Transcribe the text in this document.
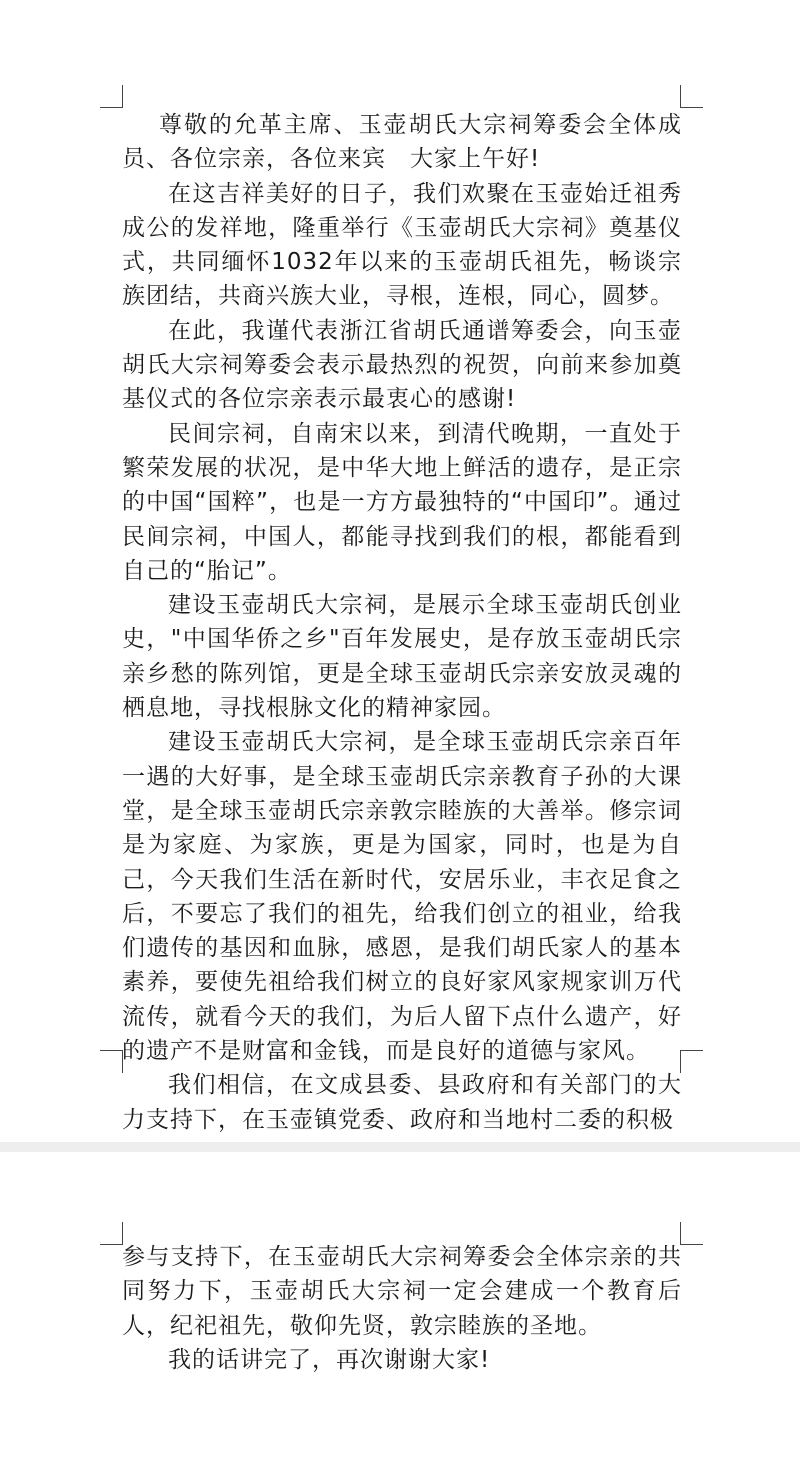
尊敬的允革主席、玉壶胡氏大宗祠筹委会全体成员、各位宗亲，各位来宾　大家上午好!

在这吉祥美好的日子，我们欢聚在玉壶始迁祖秀成公的发祥地，隆重举行《玉壶胡氏大宗祠》奠基仪式，共同缅怀1032年以来的玉壶胡氏祖先，畅谈宗族团结，共商兴族大业，寻根，连根，同心，圆梦。

在此，我谨代表浙江省胡氏通谱筹委会，向玉壶胡氏大宗祠筹委会表示最热烈的祝贺，向前来参加奠基仪式的各位宗亲表示最衷心的感谢!

民间宗祠，自南宋以来，到清代晚期，一直处于繁荣发展的状况，是中华大地上鲜活的遗存，是正宗的中国“国粹”，也是一方方最独特的“中国印”。通过民间宗祠，中国人，都能寻找到我们的根，都能看到自己的“胎记”。

建设玉壶胡氏大宗祠，是展示全球玉壶胡氏创业史，"中国华侨之乡"百年发展史，是存放玉壶胡氏宗亲乡愁的陈列馆，更是全球玉壶胡氏宗亲安放灵魂的栖息地，寻找根脉文化的精神家园。

建设玉壶胡氏大宗祠，是全球玉壶胡氏宗亲百年一遇的大好事，是全球玉壶胡氏宗亲教育子孙的大课堂，是全球玉壶胡氏宗亲敦宗睦族的大善举。修宗词是为家庭、为家族，更是为国家，同时，也是为自己，今天我们生活在新时代，安居乐业，丰衣足食之后，不要忘了我们的祖先，给我们创立的祖业，给我们遗传的基因和血脉，感恩，是我们胡氏家人的基本素养，要使先祖给我们树立的良好家风家规家训万代流传，就看今天的我们，为后人留下点什么遗产，好的遗产不是财富和金钱，而是良好的道德与家风。

我们相信，在文成县委、县政府和有关部门的大力支持下，在玉壶镇党委、政府和当地村二委的积极

参与支持下，在玉壶胡氏大宗祠筹委会全体宗亲的共同努力下，玉壶胡氏大宗祠一定会建成一个教育后人，纪祀祖先，敬仰先贤，敦宗睦族的圣地。

我的话讲完了，再次谢谢大家!
